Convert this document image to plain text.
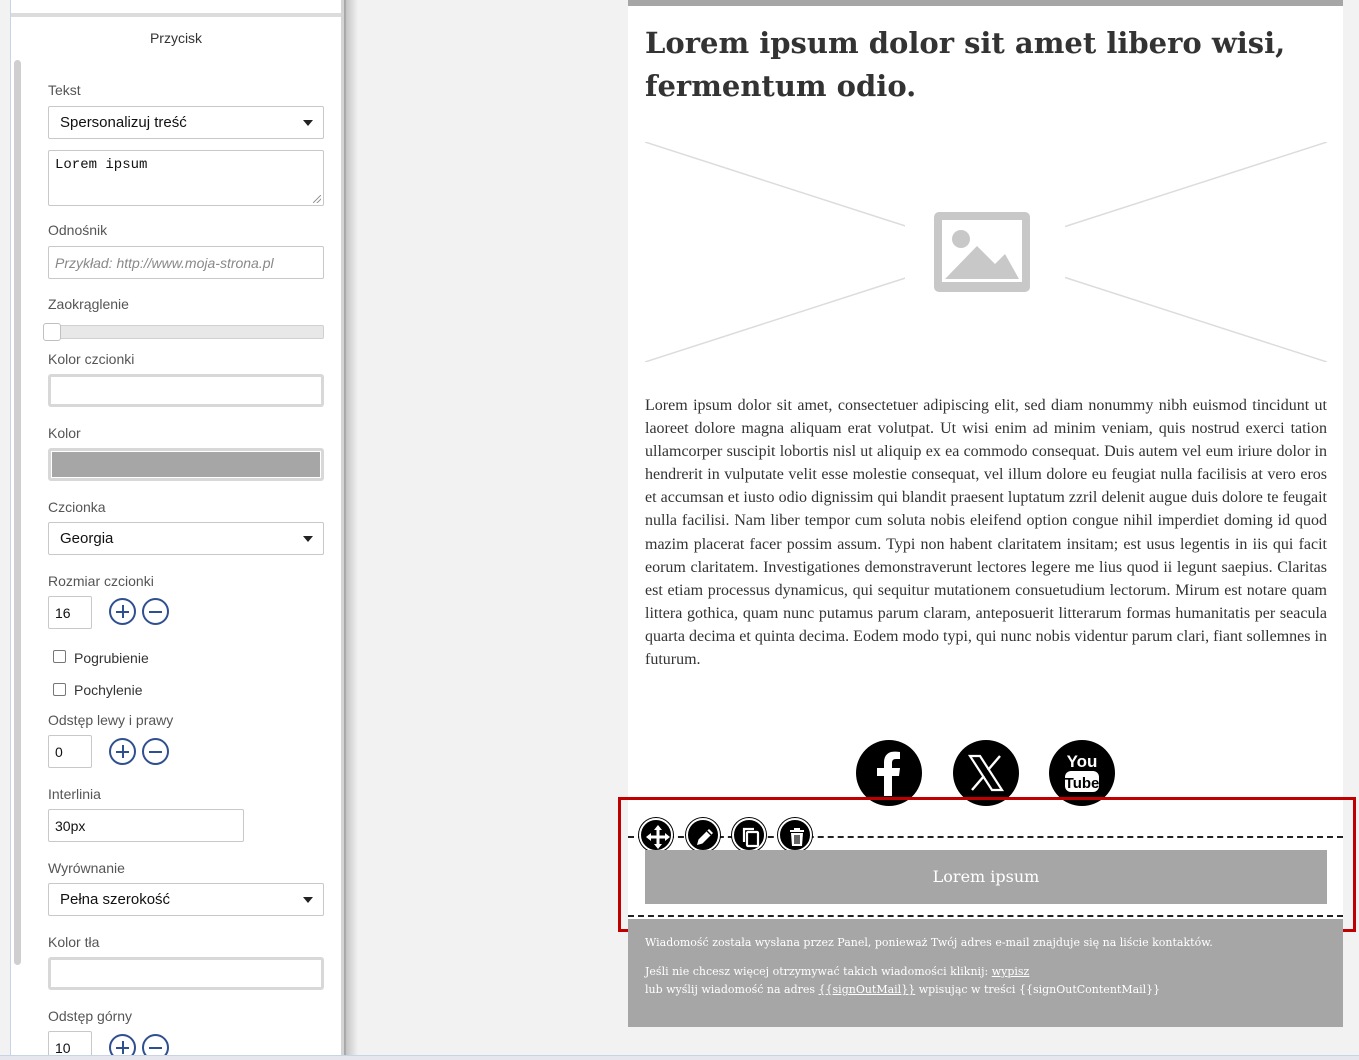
Przycisk
Tekst
Spersonalizuj treść
Lorem ipsum
Odnośnik
Przykład: http://www.moja-strona.pl
Zaokrąglenie
Kolor czcionki
Kolor
Czcionka
Georgia
Rozmiar czcionki
16
Pogrubienie
Pochylenie
Odstęp lewy i prawy
0
Interlinia
30px
Wyrównanie
Pełna szerokość
Kolor tła
Odstęp górny
10
Lorem ipsum dolor sit amet libero wisi, fermentum odio.

Lorem ipsum dolor sit amet, consectetuer adipiscing elit, sed diam nonummy nibh euismod tincidunt ut laoreet dolore magna aliquam erat volutpat. Ut wisi enim ad minim veniam, quis nostrud exerci tation ullamcorper suscipit lobortis nisl ut aliquip ex ea commodo consequat. Duis autem vel eum iriure dolor in hendrerit in vulputate velit esse molestie consequat, vel illum dolore eu feugiat nulla facilisis at vero eros et accumsan et iusto odio dignissim qui blandit praesent luptatum zzril delenit augue duis dolore te feugait nulla facilisi. Nam liber tempor cum soluta nobis eleifend option congue nihil imperdiet doming id quod mazim placerat facer possim assum. Typi non habent claritatem insitam; est usus legentis in iis qui facit eorum claritatem. Investigationes demonstraverunt lectores legere me lius quod ii legunt saepius. Claritas est etiam processus dynamicus, qui sequitur mutationem consuetudium lectorum. Mirum est notare quam littera gothica, quam nunc putamus parum claram, anteposuerit litterarum formas humanitatis per seacula quarta decima et quinta decima. Eodem modo typi, qui nunc nobis videntur parum clari, fiant sollemnes in futurum.

You
Tube
Lorem ipsum
Wiadomość została wysłana przez Panel, ponieważ Twój adres e-mail znajduje się na liście kontaktów.
Jeśli nie chcesz więcej otrzymywać takich wiadomości kliknij: wypisz
lub wyślij wiadomość na adres {{signOutMail}} wpisując w treści {{signOutContentMail}}
